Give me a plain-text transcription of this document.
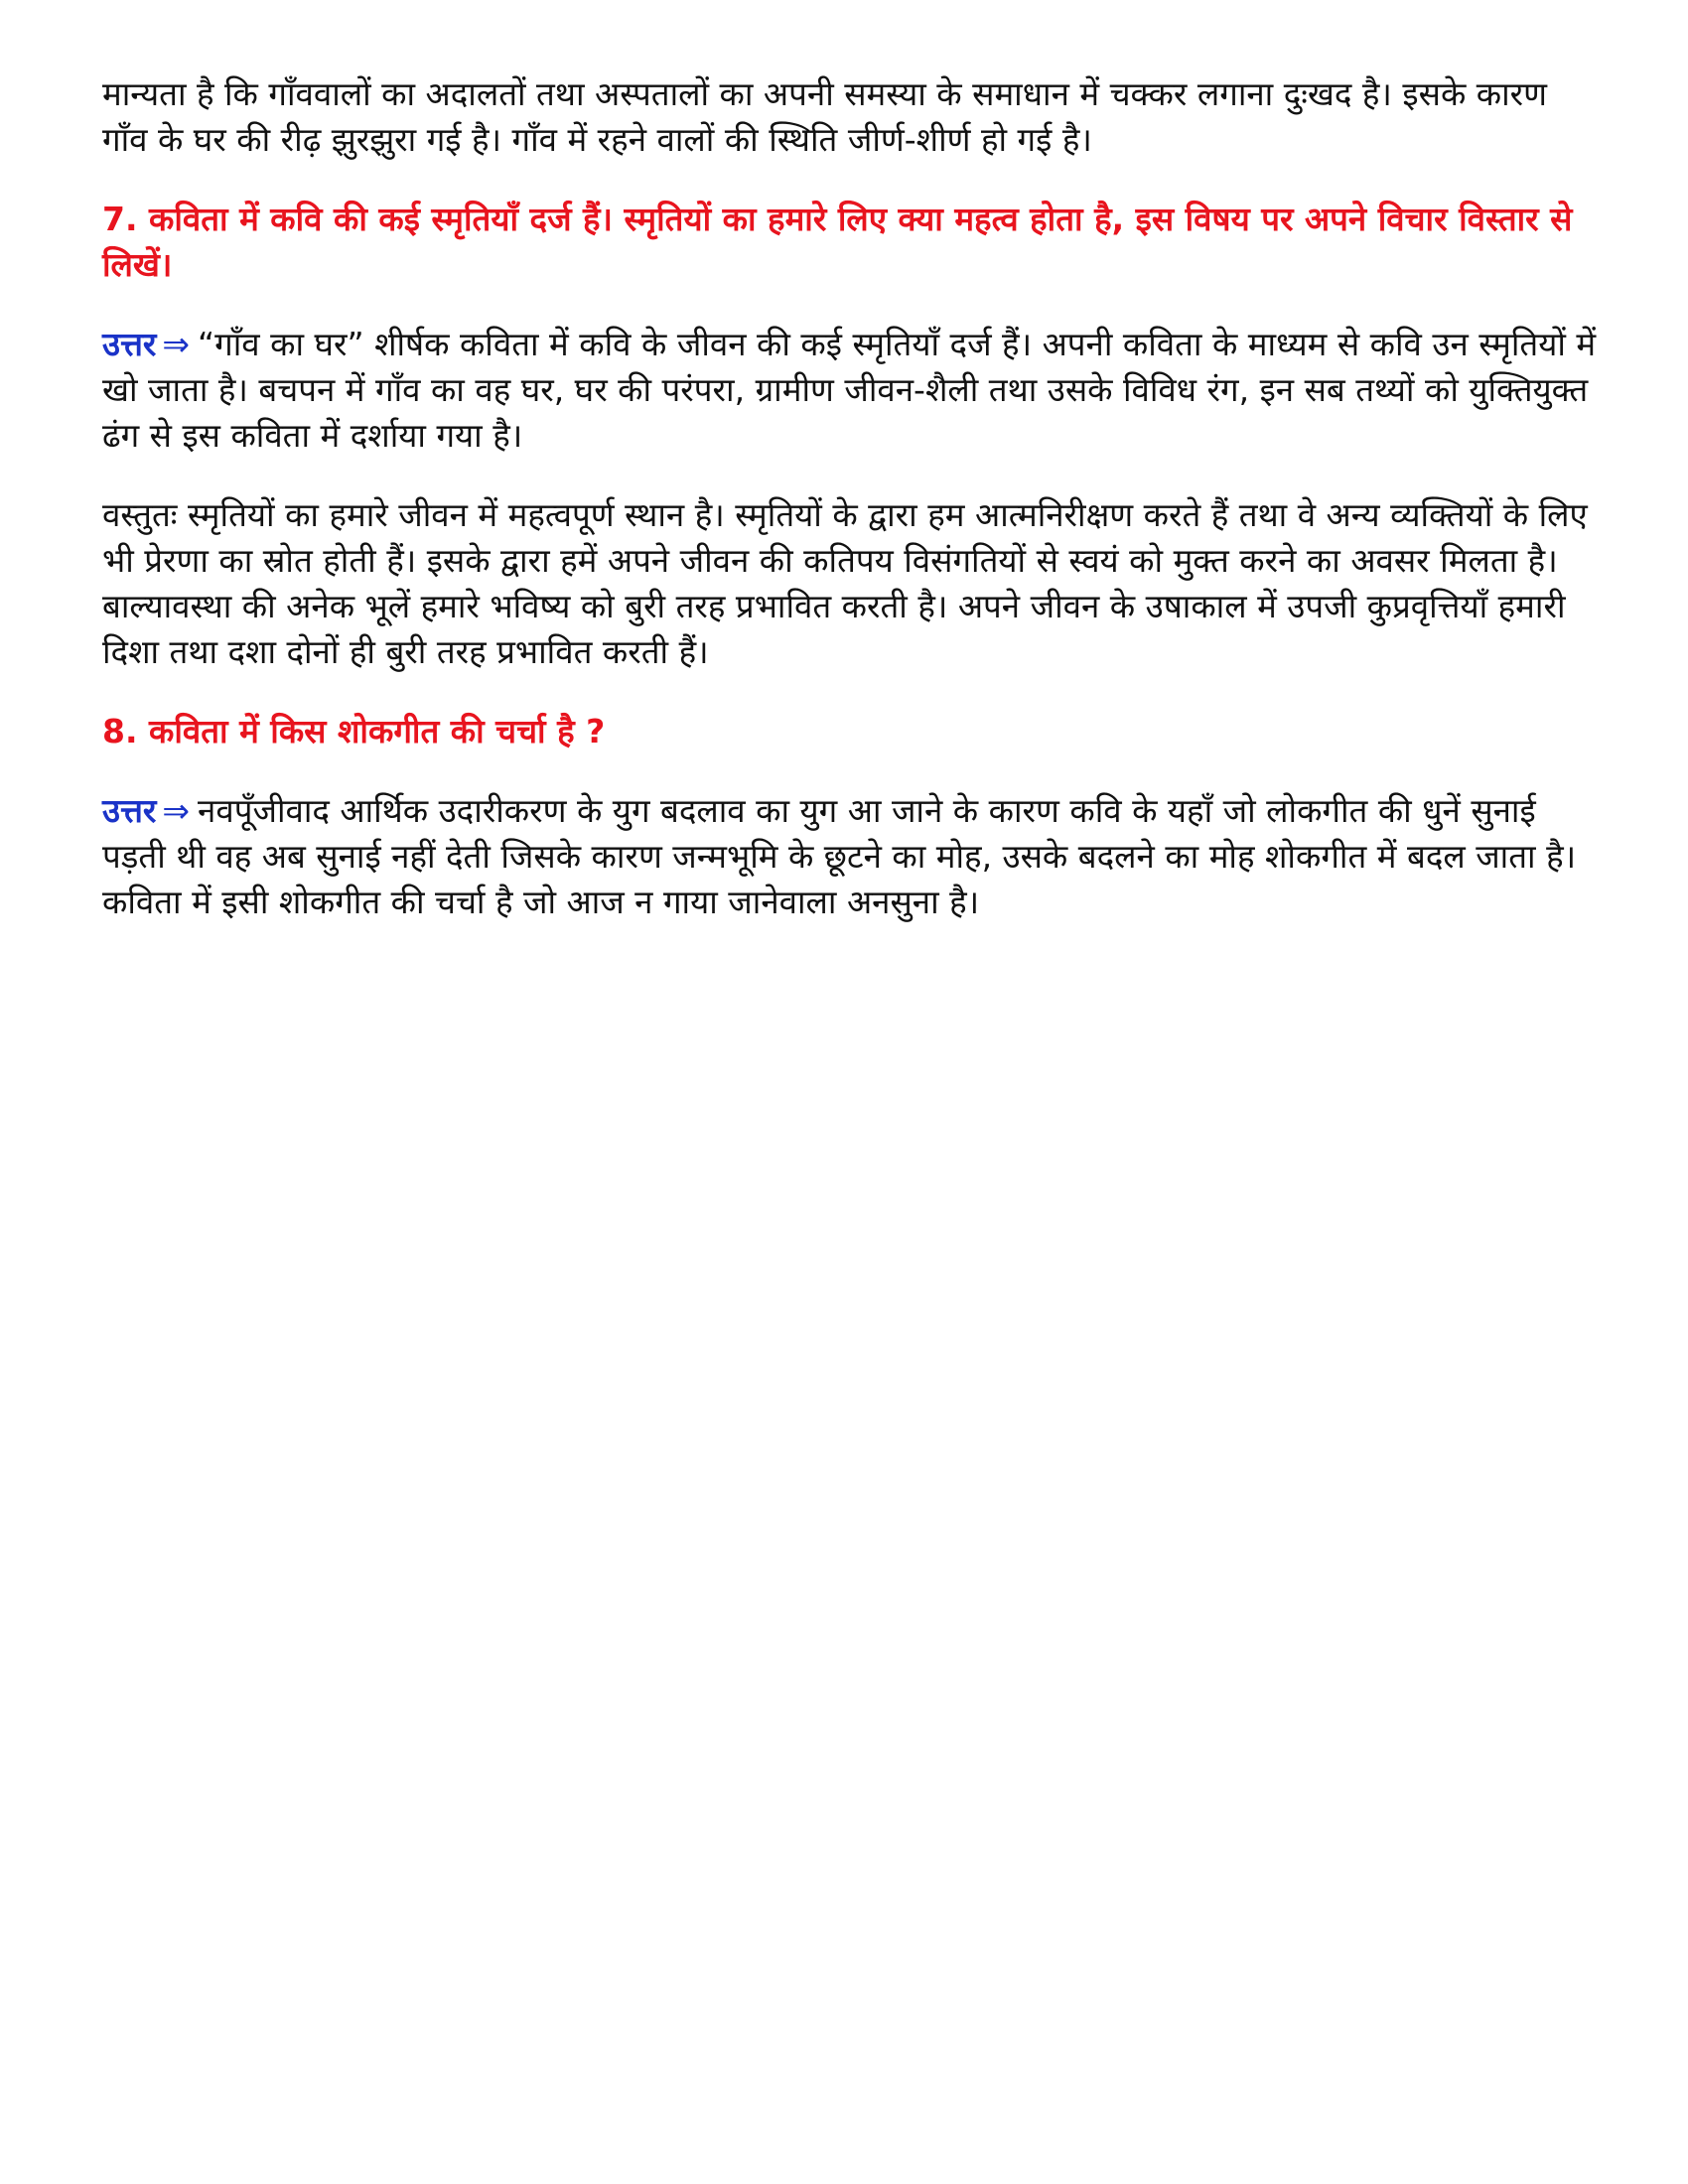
मान्यता है कि गाँववालों का अदालतों तथा अस्पतालों का अपनी समस्या के समाधान में चक्कर लगाना दुःखद है। इसके कारण गाँव के घर की रीढ़ झुरझुरा गई है। गाँव में रहने वालों की स्थिति जीर्ण-शीर्ण हो गई है।

7. कविता में कवि की कई स्मृतियाँ दर्ज हैं। स्मृतियों का हमारे लिए क्या महत्व होता है, इस विषय पर अपने विचार विस्तार से लिखें।

उत्तर ⇒ “गाँव का घर” शीर्षक कविता में कवि के जीवन की कई स्मृतियाँ दर्ज हैं। अपनी कविता के माध्यम से कवि उन स्मृतियों में खो जाता है। बचपन में गाँव का वह घर, घर की परंपरा, ग्रामीण जीवन-शैली तथा उसके विविध रंग, इन सब तथ्यों को युक्तियुक्त ढंग से इस कविता में दर्शाया गया है।

वस्तुतः स्मृतियों का हमारे जीवन में महत्वपूर्ण स्थान है। स्मृतियों के द्वारा हम आत्मनिरीक्षण करते हैं तथा वे अन्य व्यक्तियों के लिए भी प्रेरणा का स्रोत होती हैं। इसके द्वारा हमें अपने जीवन की कतिपय विसंगतियों से स्वयं को मुक्त करने का अवसर मिलता है। बाल्यावस्था की अनेक भूलें हमारे भविष्य को बुरी तरह प्रभावित करती है। अपने जीवन के उषाकाल में उपजी कुप्रवृत्तियाँ हमारी दिशा तथा दशा दोनों ही बुरी तरह प्रभावित करती हैं।

8. कविता में किस शोकगीत की चर्चा है ?

उत्तर ⇒ नवपूँजीवाद आर्थिक उदारीकरण के युग बदलाव का युग आ जाने के कारण कवि के यहाँ जो लोकगीत की धुनें सुनाई पड़ती थी वह अब सुनाई नहीं देती जिसके कारण जन्मभूमि के छूटने का मोह, उसके बदलने का मोह शोकगीत में बदल जाता है। कविता में इसी शोकगीत की चर्चा है जो आज न गाया जानेवाला अनसुना है।
